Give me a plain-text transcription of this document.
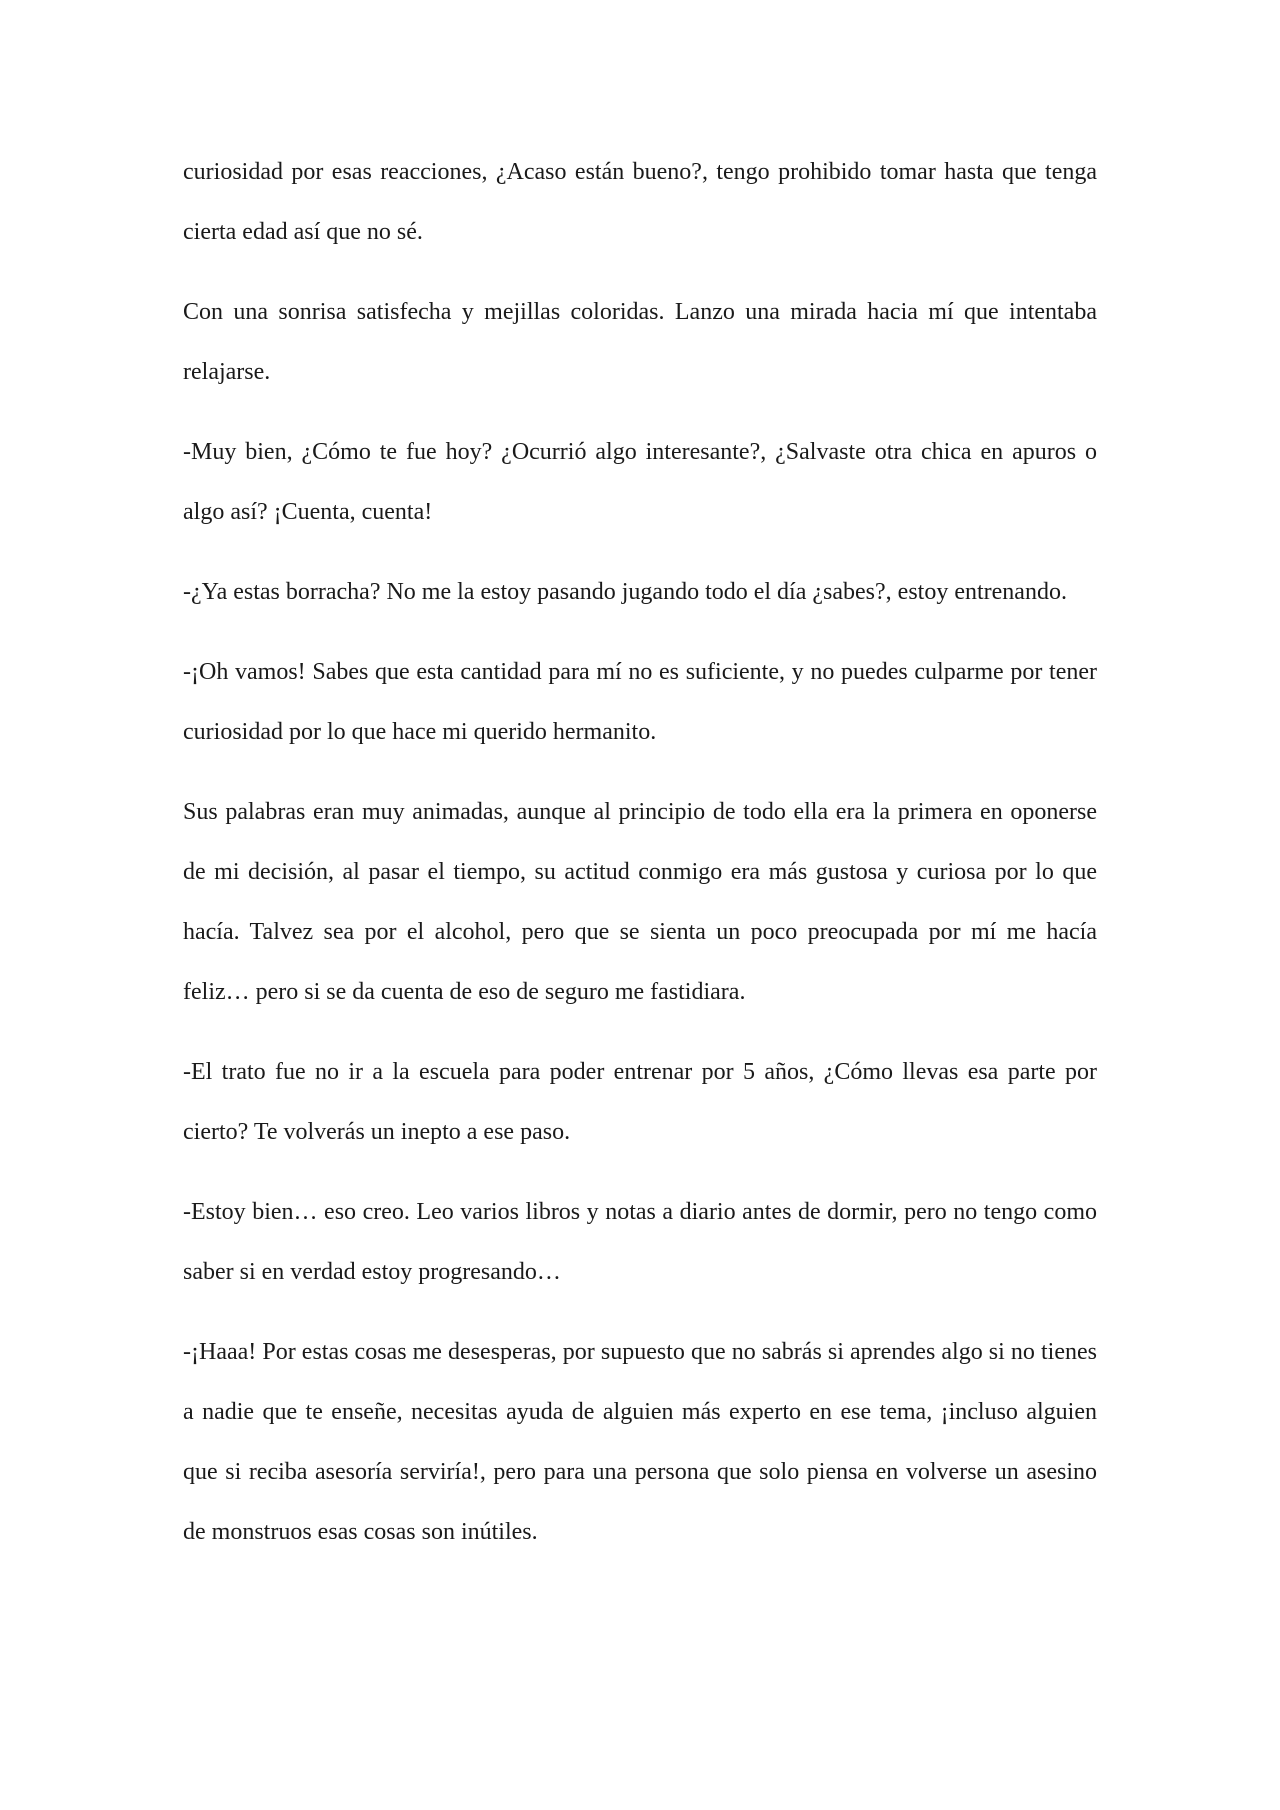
curiosidad por esas reacciones, ¿Acaso están bueno?, tengo prohibido tomar hasta que tenga cierta edad así que no sé.

Con una sonrisa satisfecha y mejillas coloridas. Lanzo una mirada hacia mí que intentaba relajarse.

-Muy bien, ¿Cómo te fue hoy? ¿Ocurrió algo interesante?, ¿Salvaste otra chica en apuros o algo así? ¡Cuenta, cuenta!

-¿Ya estas borracha? No me la estoy pasando jugando todo el día ¿sabes?, estoy entrenando.

-¡Oh vamos! Sabes que esta cantidad para mí no es suficiente, y no puedes culparme por tener curiosidad por lo que hace mi querido hermanito.

Sus palabras eran muy animadas, aunque al principio de todo ella era la primera en oponerse de mi decisión, al pasar el tiempo, su actitud conmigo era más gustosa y curiosa por lo que hacía. Talvez sea por el alcohol, pero que se sienta un poco preocupada por mí me hacía feliz… pero si se da cuenta de eso de seguro me fastidiara.

-El trato fue no ir a la escuela para poder entrenar por 5 años, ¿Cómo llevas esa parte por cierto? Te volverás un inepto a ese paso.

-Estoy bien… eso creo. Leo varios libros y notas a diario antes de dormir, pero no tengo como saber si en verdad estoy progresando…

-¡Haaa! Por estas cosas me desesperas, por supuesto que no sabrás si aprendes algo si no tienes a nadie que te enseñe, necesitas ayuda de alguien más experto en ese tema, ¡incluso alguien que si reciba asesoría serviría!, pero para una persona que solo piensa en volverse un asesino de monstruos esas cosas son inútiles.
